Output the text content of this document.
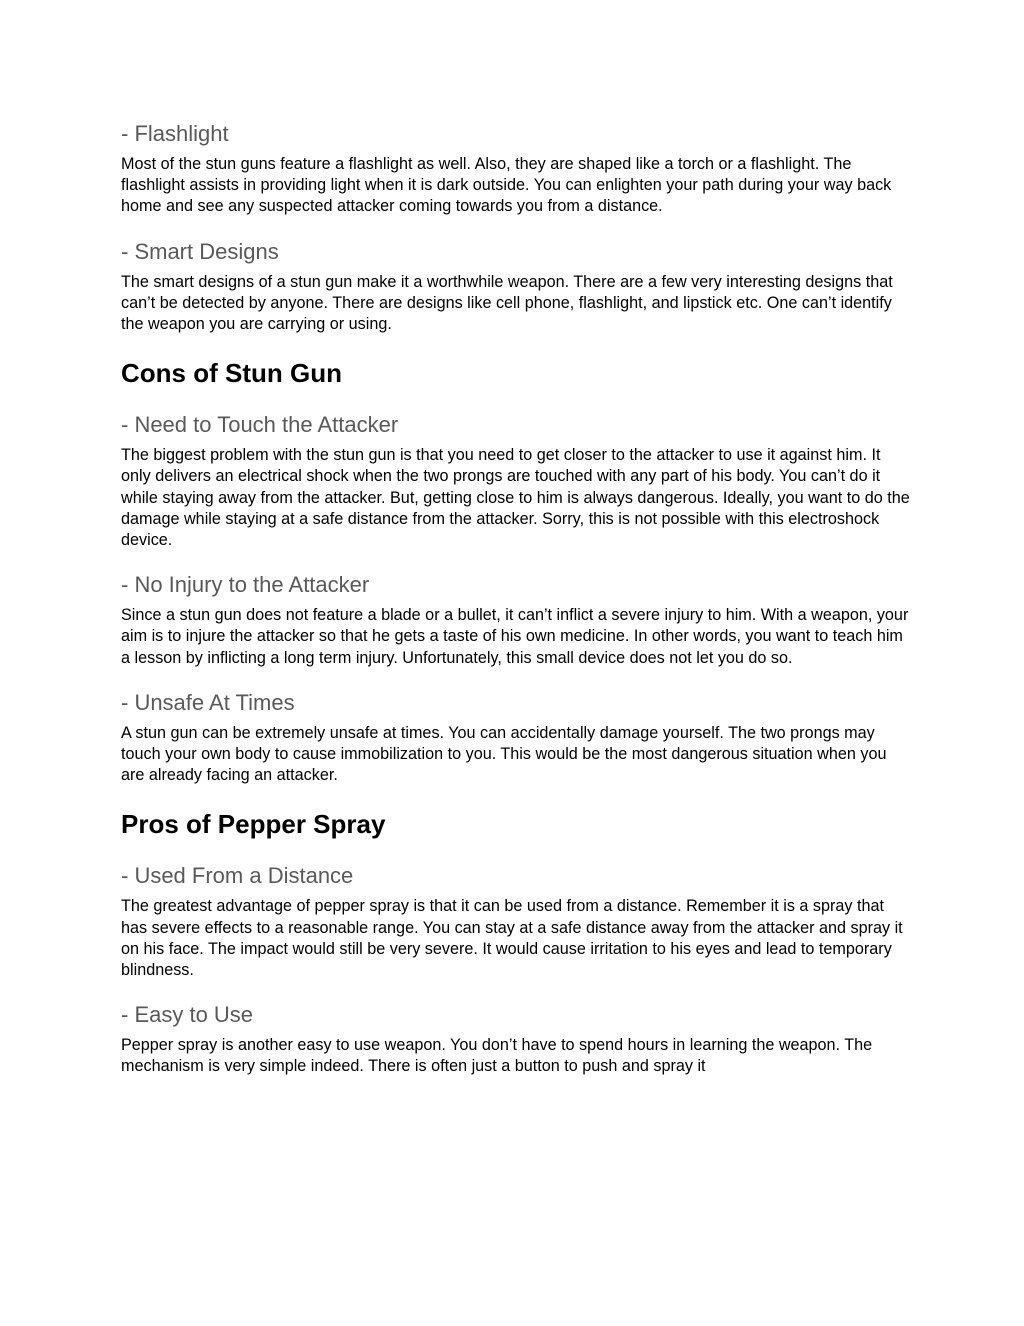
- Flashlight

Most of the stun guns feature a flashlight as well. Also, they are shaped like a torch or a flashlight. The flashlight assists in providing light when it is dark outside. You can enlighten your path during your way back home and see any suspected attacker coming towards you from a distance.

- Smart Designs

The smart designs of a stun gun make it a worthwhile weapon. There are a few very interesting designs that can’t be detected by anyone. There are designs like cell phone, flashlight, and lipstick etc. One can’t identify the weapon you are carrying or using.

Cons of Stun Gun
- Need to Touch the Attacker

The biggest problem with the stun gun is that you need to get closer to the attacker to use it against him. It only delivers an electrical shock when the two prongs are touched with any part of his body. You can’t do it while staying away from the attacker. But, getting close to him is always dangerous. Ideally, you want to do the damage while staying at a safe distance from the attacker. Sorry, this is not possible with this electroshock device.

- No Injury to the Attacker

Since a stun gun does not feature a blade or a bullet, it can’t inflict a severe injury to him. With a weapon, your aim is to injure the attacker so that he gets a taste of his own medicine. In other words, you want to teach him a lesson by inflicting a long term injury. Unfortunately, this small device does not let you do so.

- Unsafe At Times

A stun gun can be extremely unsafe at times. You can accidentally damage yourself. The two prongs may touch your own body to cause immobilization to you. This would be the most dangerous situation when you are already facing an attacker.

Pros of Pepper Spray
- Used From a Distance

The greatest advantage of pepper spray is that it can be used from a distance. Remember it is a spray that has severe effects to a reasonable range. You can stay at a safe distance away from the attacker and spray it on his face. The impact would still be very severe. It would cause irritation to his eyes and lead to temporary blindness.

- Easy to Use

Pepper spray is another easy to use weapon. You don’t have to spend hours in learning the weapon. The mechanism is very simple indeed. There is often just a button to push and spray it
